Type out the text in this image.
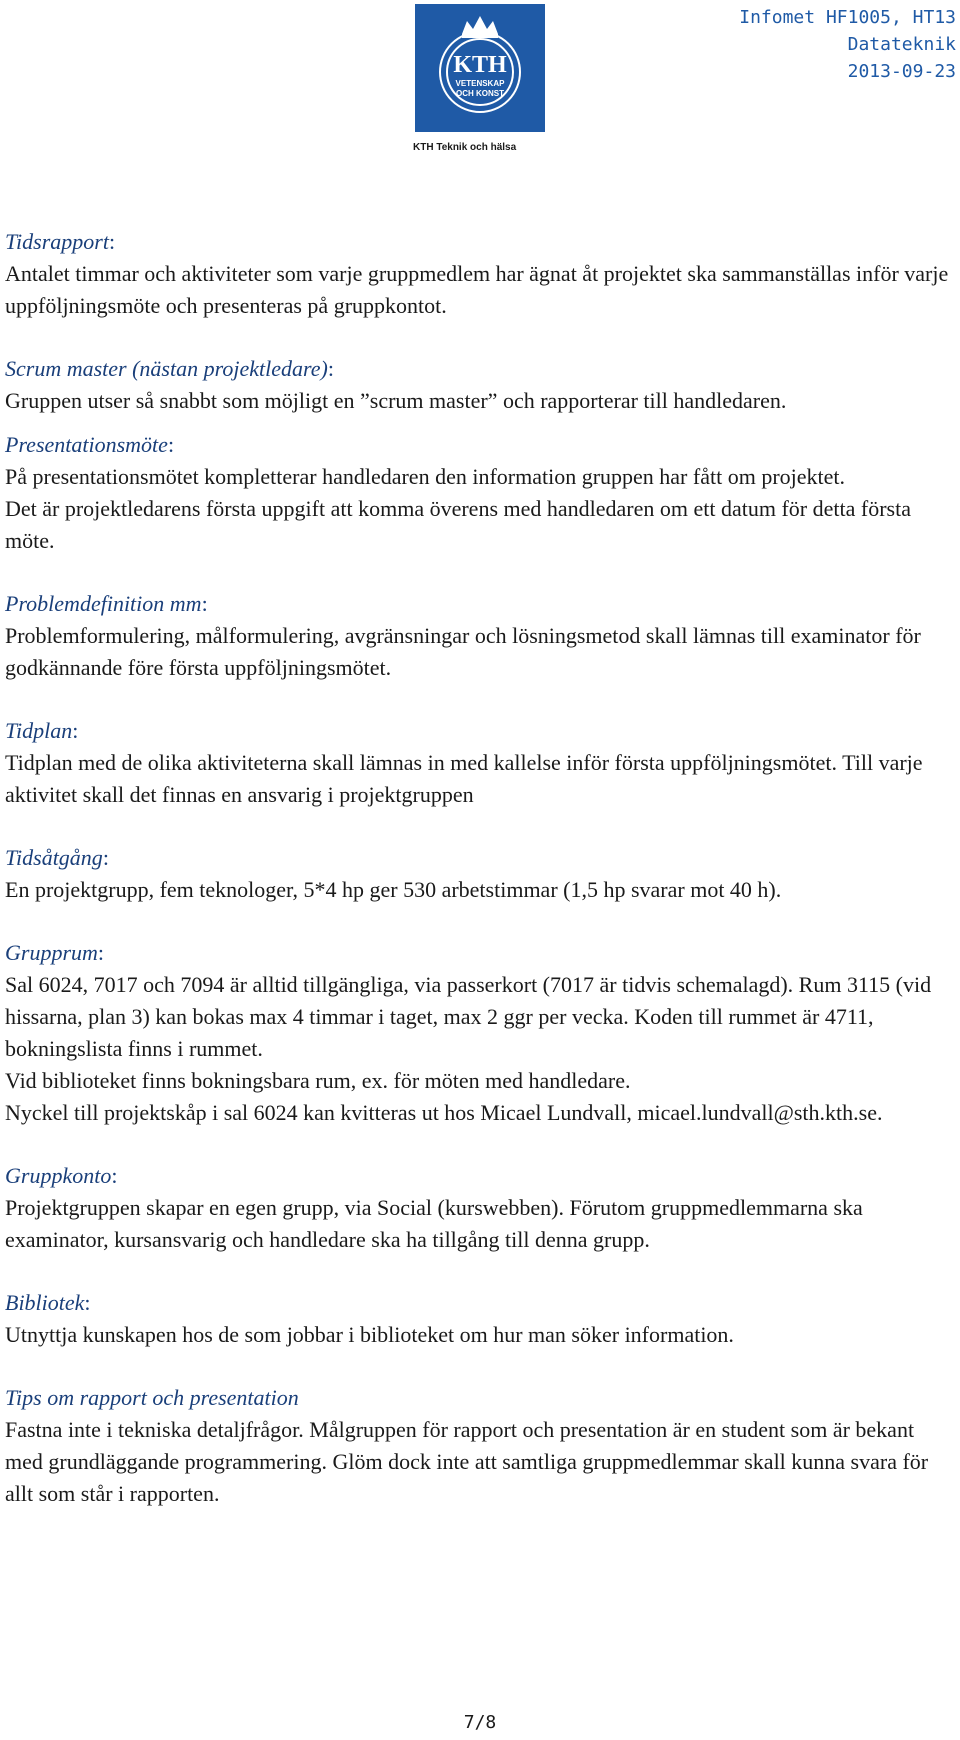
KTH
VETENSKAP
OCH KONST
KTH Teknik och hälsa
Infomet HF1005, HT13
Datateknik
2013-09-23
Tidsrapport:
Antalet timmar och aktiviteter som varje gruppmedlem har ägnat åt projektet ska sammanställas inför varje uppföljningsmöte och presenteras på gruppkontot.
Scrum master (nästan projektledare):
Gruppen utser så snabbt som möjligt en ”scrum master” och rapporterar till handledaren.
Presentationsmöte:
På presentationsmötet kompletterar handledaren den information gruppen har fått om projektet.
Det är projektledarens första uppgift att komma överens med handledaren om ett datum för detta första möte.
Problemdefinition mm:
Problemformulering, målformulering, avgränsningar och lösningsmetod skall lämnas till examinator för godkännande före första uppföljningsmötet.
Tidplan:
Tidplan med de olika aktiviteterna skall lämnas in med kallelse inför första uppföljningsmötet. Till varje aktivitet skall det finnas en ansvarig i projektgruppen
Tidsåtgång:
En projektgrupp, fem teknologer, 5*4 hp ger 530 arbetstimmar (1,5 hp svarar mot 40 h).
Grupprum:
Sal 6024, 7017 och 7094 är alltid tillgängliga, via passerkort (7017 är tidvis schemalagd). Rum 3115 (vid hissarna, plan 3) kan bokas max 4 timmar i taget, max 2 ggr per vecka. Koden till rummet är 4711, bokningslista finns i rummet.
Vid biblioteket finns bokningsbara rum, ex. för möten med handledare.
Nyckel till projektskåp i sal 6024 kan kvitteras ut hos Micael Lundvall, micael.lundvall@sth.kth.se.
Gruppkonto:
Projektgruppen skapar en egen grupp, via Social (kurswebben). Förutom gruppmedlemmarna ska examinator, kursansvarig och handledare ska ha tillgång till denna grupp.
Bibliotek:
Utnyttja kunskapen hos de som jobbar i biblioteket om hur man söker information.
Tips om rapport och presentation
Fastna inte i tekniska detaljfrågor. Målgruppen för rapport och presentation är en student som är bekant med grundläggande programmering. Glöm dock inte att samtliga gruppmedlemmar skall kunna svara för allt som står i rapporten.
7/8
